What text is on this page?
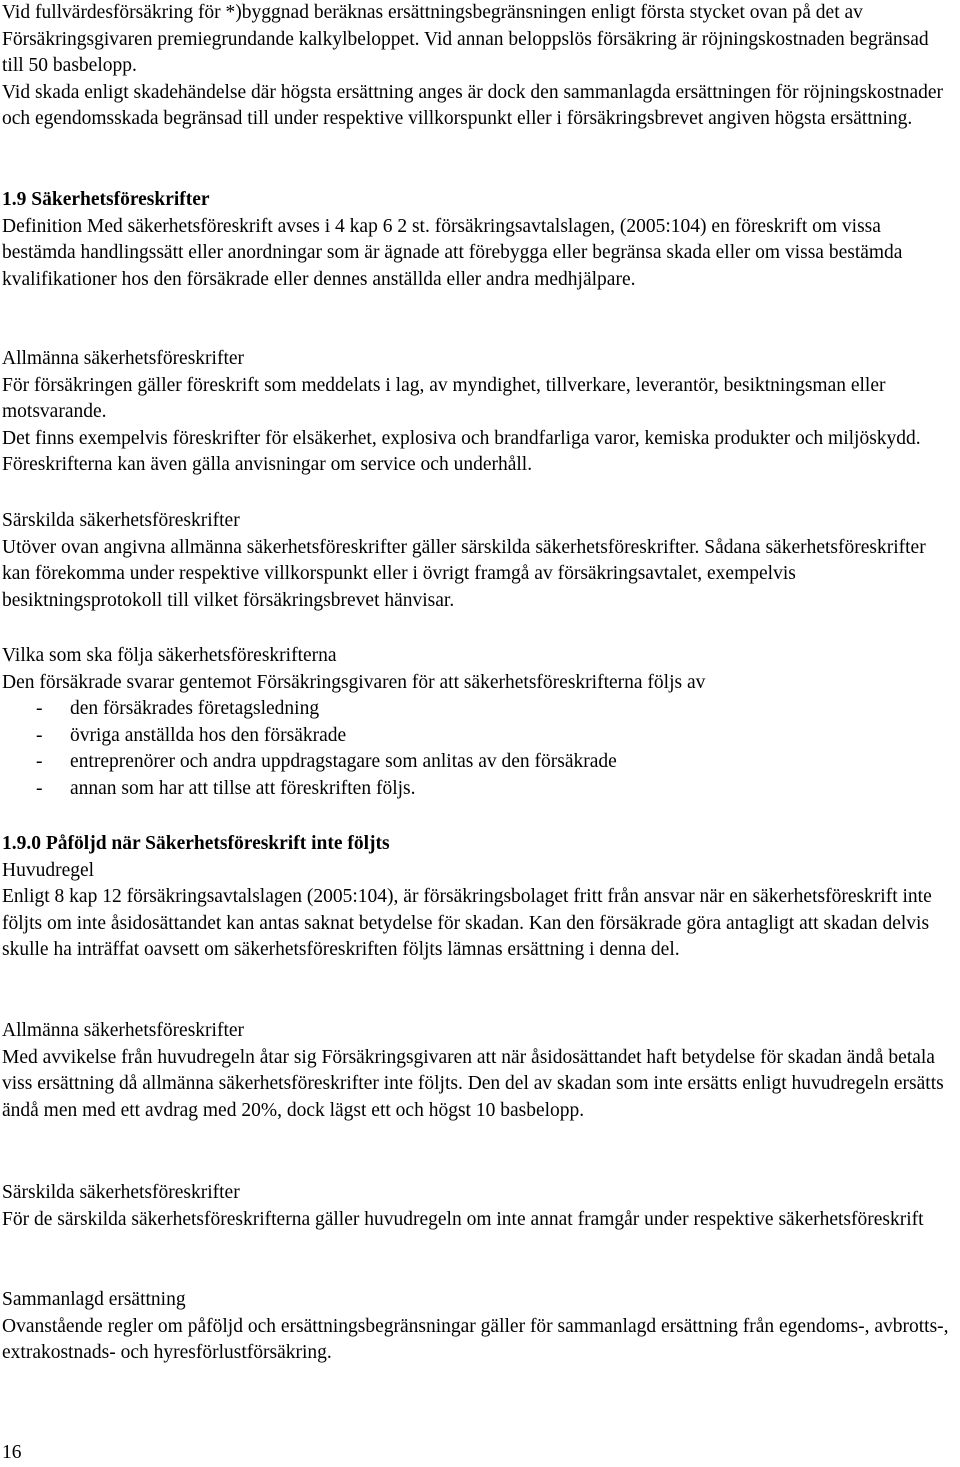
Vid fullvärdesförsäkring för *)byggnad beräknas ersättningsbegränsningen enligt första stycket ovan på det av Försäkringsgivaren premiegrundande kalkylbeloppet. Vid annan beloppslös försäkring är röjningskostnaden begränsad till 50 basbelopp.

Vid skada enligt skadehändelse där högsta ersättning anges är dock den sammanlagda ersättningen för röjningskostnader och egendomsskada begränsad till under respektive villkorspunkt eller i försäkringsbrevet angiven högsta ersättning.

1.9 Säkerhetsföreskrifter

Definition Med säkerhetsföreskrift avses i 4 kap 6 2 st. försäkringsavtalslagen, (2005:104) en föreskrift om vissa bestämda handlingssätt eller anordningar som är ägnade att förebygga eller begränsa skada eller om vissa bestämda kvalifikationer hos den försäkrade eller dennes anställda eller andra medhjälpare.

Allmänna säkerhetsföreskrifter

För försäkringen gäller föreskrift som meddelats i lag, av myndighet, tillverkare, leverantör, besiktningsman eller motsvarande.

Det finns exempelvis föreskrifter för elsäkerhet, explosiva och brandfarliga varor, kemiska produkter och miljöskydd. Föreskrifterna kan även gälla anvisningar om service och underhåll.

Särskilda säkerhetsföreskrifter

Utöver ovan angivna allmänna säkerhetsföreskrifter gäller särskilda säkerhetsföreskrifter. Sådana säkerhetsföreskrifter kan förekomma under respektive villkorspunkt eller i övrigt framgå av försäkringsavtalet, exempelvis besiktningsprotokoll till vilket försäkringsbrevet hänvisar.

Vilka som ska följa säkerhetsföreskrifterna

Den försäkrade svarar gentemot Försäkringsgivaren för att säkerhetsföreskrifterna följs av

- den försäkrades företagsledning
- övriga anställda hos den försäkrade
- entreprenörer och andra uppdragstagare som anlitas av den försäkrade
- annan som har att tillse att föreskriften följs.

1.9.0 Påföljd när Säkerhetsföreskrift inte följts

Huvudregel

Enligt 8 kap 12 försäkringsavtalslagen (2005:104), är försäkringsbolaget fritt från ansvar när en säkerhetsföreskrift inte följts om inte åsidosättandet kan antas saknat betydelse för skadan. Kan den försäkrade göra antagligt att skadan delvis skulle ha inträffat oavsett om säkerhetsföreskriften följts lämnas ersättning i denna del.

Allmänna säkerhetsföreskrifter

Med avvikelse från huvudregeln åtar sig Försäkringsgivaren att när åsidosättandet haft betydelse för skadan ändå betala viss ersättning då allmänna säkerhetsföreskrifter inte följts. Den del av skadan som inte ersätts enligt huvudregeln ersätts ändå men med ett avdrag med 20%, dock lägst ett och högst 10 basbelopp.

Särskilda säkerhetsföreskrifter

För de särskilda säkerhetsföreskrifterna gäller huvudregeln om inte annat framgår under respektive säkerhetsföreskrift

Sammanlagd ersättning

Ovanstående regler om påföljd och ersättningsbegränsningar gäller för sammanlagd ersättning från egendoms-, avbrotts-, extrakostnads- och hyresförlustförsäkring.

16
